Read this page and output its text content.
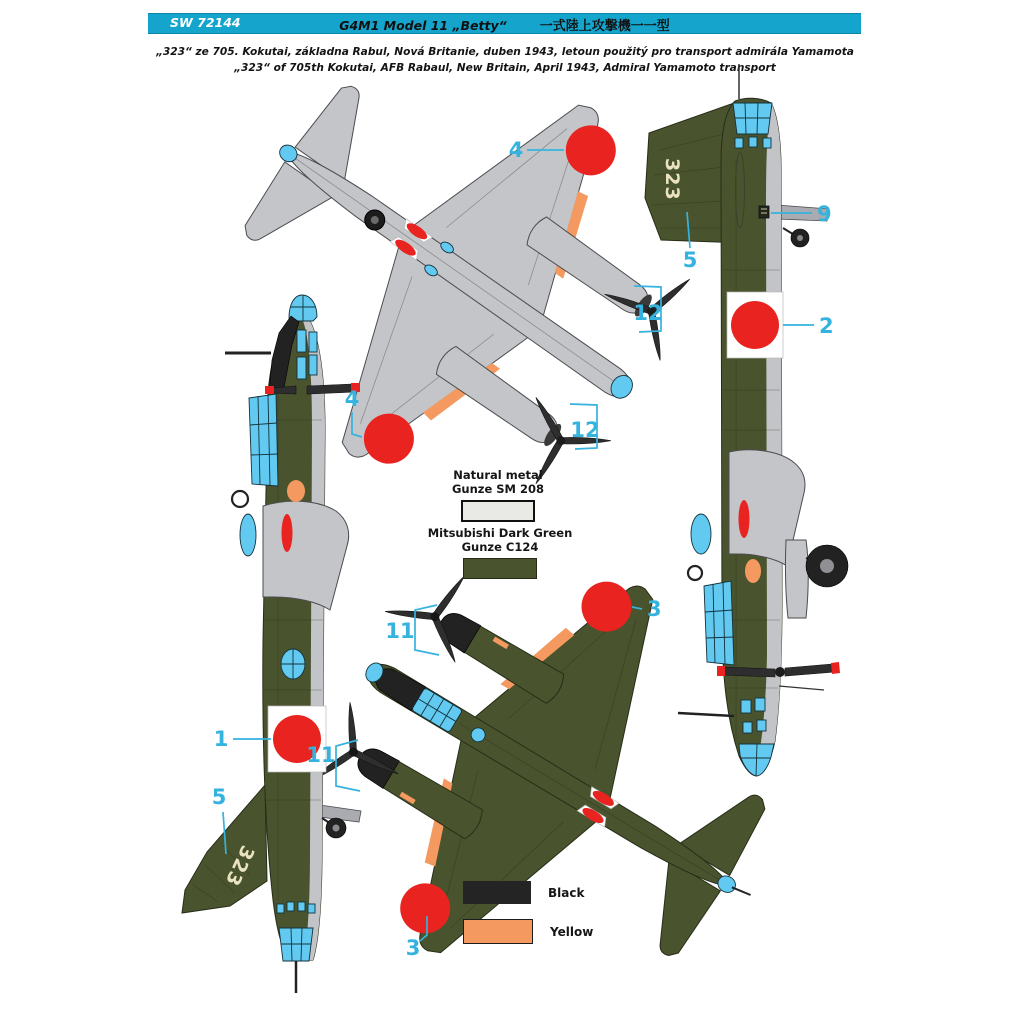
SW 72144	G4M1 Model 11 „Betty“	一式陸上攻撃機一一型
„323“ ze 705. Kokutai, základna Rabul, Nová Britanie, duben 1943, letoun použitý pro transport admirála Yamamota
„323“ of 705th Kokutai, AFB Rabaul, New Britain, April 1943, Admiral Yamamoto transport
323
323
4
4
12
12
9
2
5
1
5
3
3
11
11
Natural metal
Gunze SM 208
Mitsubishi Dark Green
Gunze C124
Black
Yellow
